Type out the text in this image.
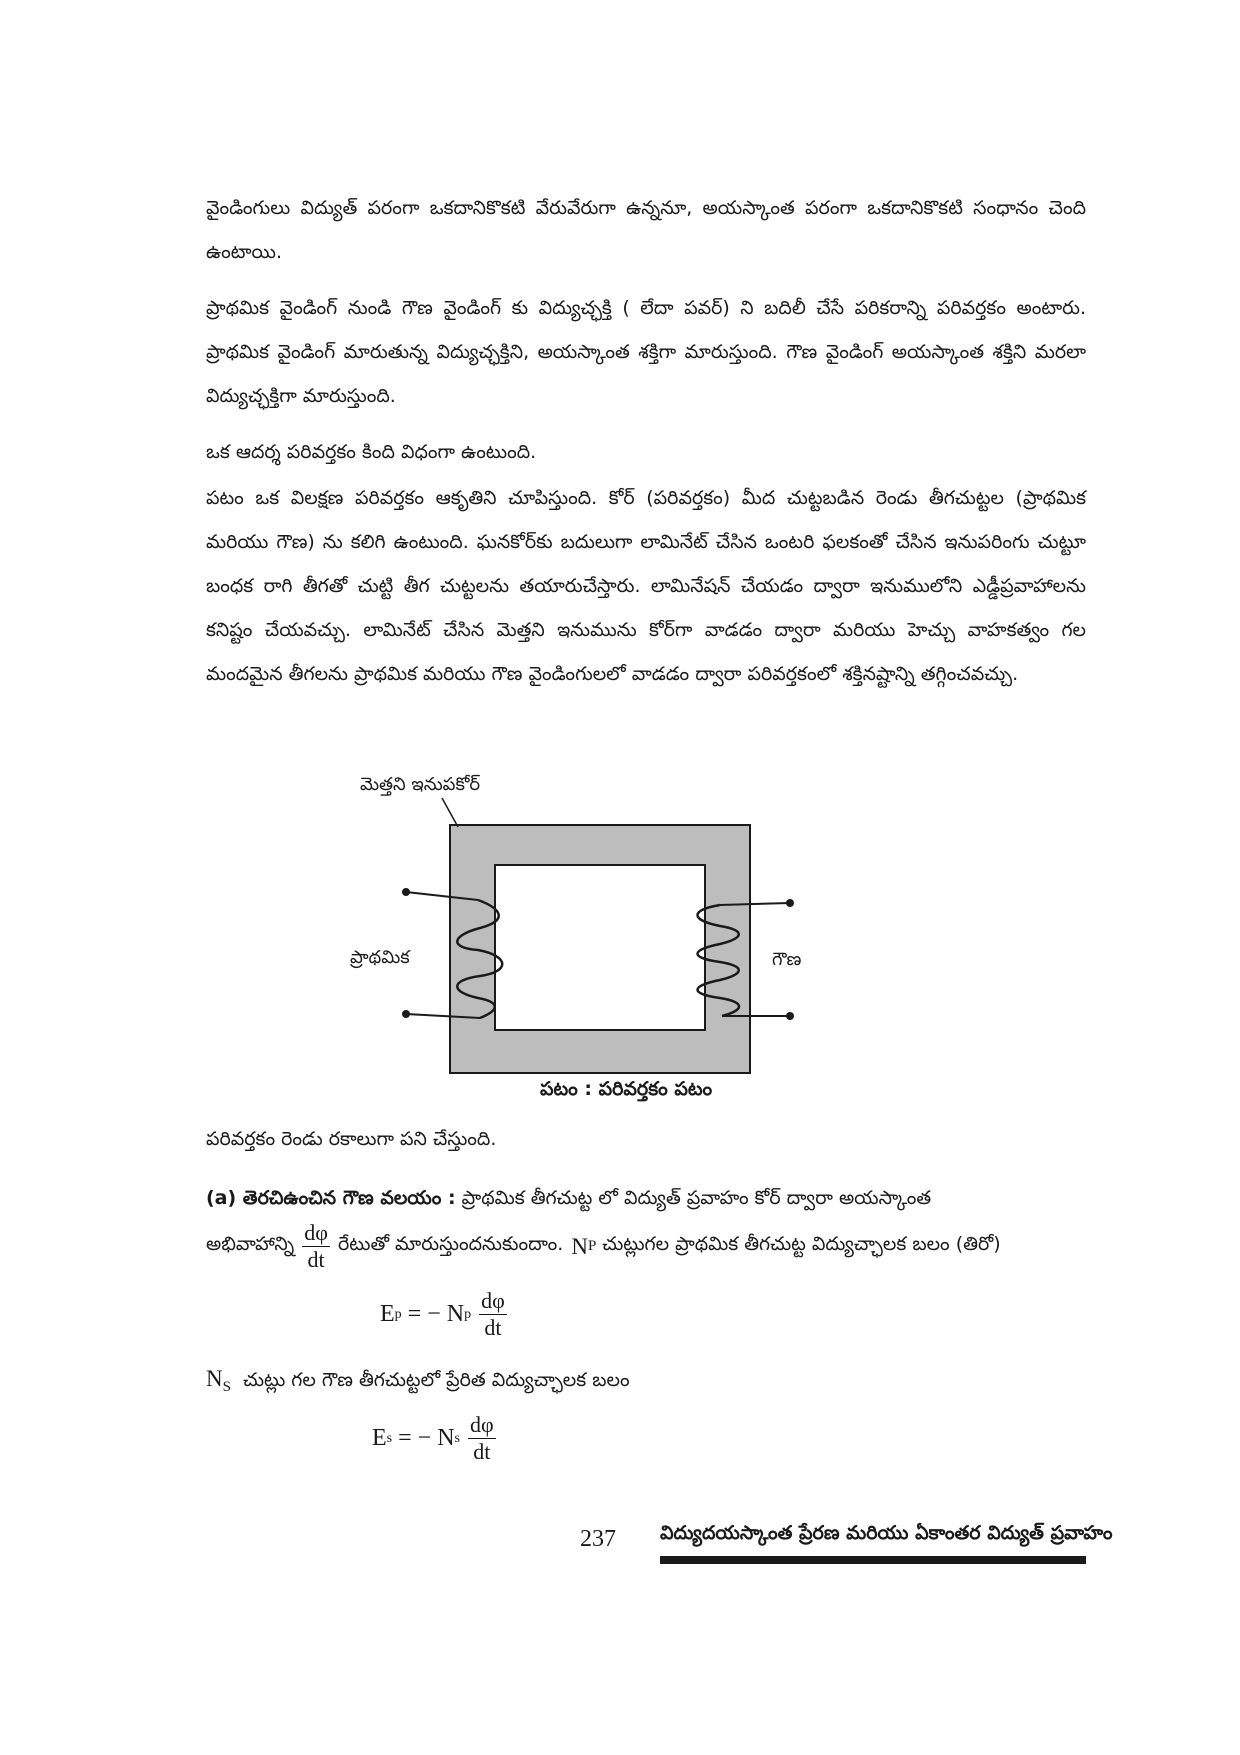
వైండింగులు విద్యుత్ పరంగా ఒకదానికొకటి వేరువేరుగా ఉన్ననూ, అయస్కాంత పరంగా ఒకదానికొకటి సంధానం చెంది ఉంటాయి.

ప్రాథమిక వైండింగ్ నుండి గౌణ వైండింగ్ కు విద్యుచ్ఛక్తి ( లేదా పవర్) ని బదిలీ చేసే పరికరాన్ని పరివర్తకం అంటారు. ప్రాథమిక వైండింగ్ మారుతున్న విద్యుచ్ఛక్తిని, అయస్కాంత శక్తిగా మారుస్తుంది. గౌణ వైండింగ్ అయస్కాంత శక్తిని మరలా విద్యుచ్ఛక్తిగా మారుస్తుంది.

ఒక ఆదర్శ పరివర్తకం కింది విధంగా ఉంటుంది.

పటం ఒక విలక్షణ పరివర్తకం ఆకృతిని చూపిస్తుంది. కోర్ (పరివర్తకం) మీద చుట్టబడిన రెండు తీగచుట్టల (ప్రాథమిక మరియు గౌణ) ను కలిగి ఉంటుంది. ఘనకోర్‌కు బదులుగా లామినేట్ చేసిన ఒంటరి ఫలకంతో చేసిన ఇనుపరింగు చుట్టూ బంధక రాగి తీగతో చుట్టి తీగ చుట్టలను తయారుచేస్తారు. లామినేషన్ చేయడం ద్వారా ఇనుములోని ఎడ్డీప్రవాహాలను కనిష్టం చేయవచ్చు. లామినేట్ చేసిన మెత్తని ఇనుమును కోర్‌గా వాడడం ద్వారా మరియు హెచ్చు వాహకత్వం గల మందమైన తీగలను ప్రాథమిక మరియు గౌణ వైండింగులలో వాడడం ద్వారా పరివర్తకంలో శక్తినష్టాన్ని తగ్గించవచ్చు.

మెత్తని ఇనుపకోర్
ప్రాథమిక	గౌణ
పటం : పరివర్తకం పటం
పరివర్తకం రెండు రకాలుగా పని చేస్తుంది.
(a) తెరచిఉంచిన గౌణ వలయం : ప్రాథమిక తీగచుట్ట లో విద్యుత్ ప్రవాహం కోర్ ద్వారా అయస్కాంత
అభివాహాన్ని $\frac{d\varphi}{dt}$ రేటుతో మారుస్తుందనుకుందాం. N P చుట్లుగల ప్రాథమిక తీగచుట్ట విద్యుచ్ఛాలక బలం (తిరో)
E p = − N p $\frac{d\varphi}{dt}$
$N_S$ చుట్లు గల గౌణ తీగచుట్టలో ప్రేరిత విద్యుచ్ఛాలక బలం
E s = − N s $\frac{d\varphi}{dt}$
237 విద్యుదయస్కాంత ప్రేరణ మరియు ఏకాంతర విద్యుత్ ప్రవాహం
